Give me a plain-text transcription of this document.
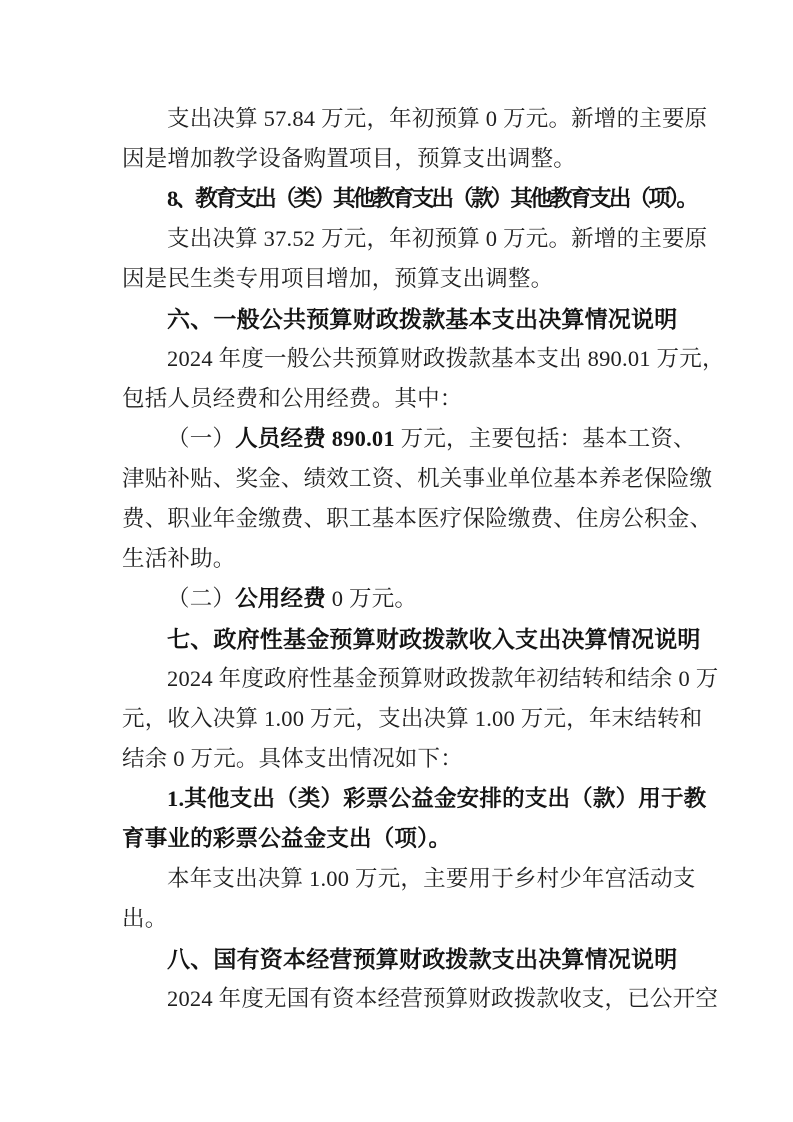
支出决算 57.84 万元，年初预算 0 万元。新增的主要原
因是增加教学设备购置项目，预算支出调整。
8、教育支出（类）其他教育支出（款）其他教育支出（项）。
支出决算 37.52 万元，年初预算 0 万元。新增的主要原
因是民生类专用项目增加，预算支出调整。
六、一般公共预算财政拨款基本支出决算情况说明
2024 年度一般公共预算财政拨款基本支出 890.01 万元，
包括人员经费和公用经费。其中：
（一）人员经费 890.01 万元，主要包括：基本工资、
津贴补贴、奖金、绩效工资、机关事业单位基本养老保险缴
费、职业年金缴费、职工基本医疗保险缴费、住房公积金、
生活补助。
（二）公用经费 0 万元。
七、政府性基金预算财政拨款收入支出决算情况说明
2024 年度政府性基金预算财政拨款年初结转和结余 0 万
元，收入决算 1.00 万元，支出决算 1.00 万元，年末结转和
结余 0 万元。具体支出情况如下：
1.其他支出（类）彩票公益金安排的支出（款）用于教
育事业的彩票公益金支出（项）。
本年支出决算 1.00 万元，主要用于乡村少年宫活动支
出。
八、国有资本经营预算财政拨款支出决算情况说明
2024 年度无国有资本经营预算财政拨款收支，已公开空
